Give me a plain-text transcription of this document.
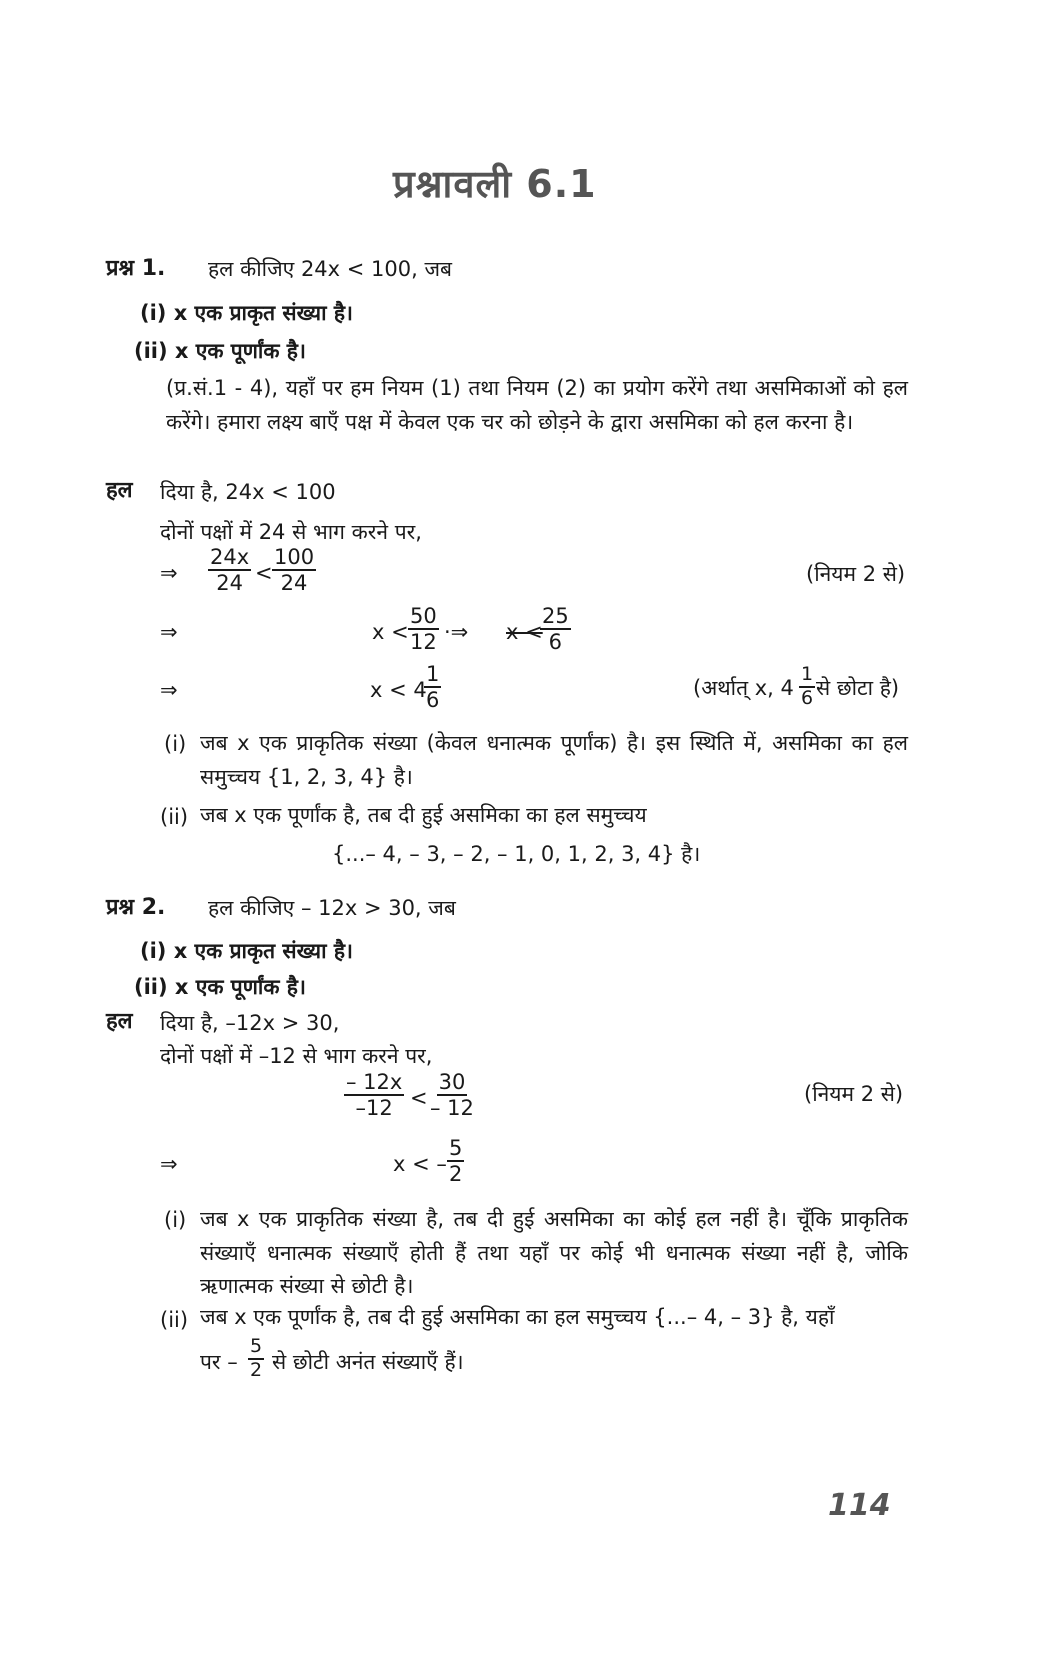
प्रश्नावली 6.1
प्रश्न 1. हल कीजिए 24x < 100, जब
(i) x एक प्राकृत संख्या है।
(ii) x एक पूर्णांक है।
(प्र.सं.1 - 4), यहाँ पर हम नियम (1) तथा नियम (2) का प्रयोग करेंगे तथा असमिकाओं को हल करेंगे। हमारा लक्ष्य बाएँ पक्ष में केवल एक चर को छोड़ने के द्वारा असमिका को हल करना है।
हल दिया है, 24x < 100
दोनों पक्षों में 24 से भाग करने पर,
⇒ $\frac{24x}{24} < \frac{100}{24}$	(नियम 2 से)
⇒	$x < \frac{50}{12}$ ·⇒ x <
$\frac{25}{6}$
⇒	x < 4
$\frac{1}{6}$	(अर्थात् x, $4 \frac{1}{6}$ से छोटा है)
(i) जब x एक प्राकृतिक संख्या (केवल धनात्मक पूर्णांक) है। इस स्थिति में, असमिका का हल समुच्चय {1, 2, 3, 4} है।
(ii) जब x एक पूर्णांक है, तब दी हुई असमिका का हल समुच्चय
{...– 4, – 3, – 2, – 1, 0, 1, 2, 3, 4} है।
प्रश्न 2. हल कीजिए – 12x > 30, जब
(i) x एक प्राकृत संख्या है।
(ii) x एक पूर्णांक है।
हल दिया है, –12x > 30,
दोनों पक्षों में –12 से भाग करने पर,
$\frac{- 12x}{-12} < \frac{30}{- 12}$	(नियम 2 से)
⇒	x < – $\frac{5}{2}$
(i) जब x एक प्राकृतिक संख्या है, तब दी हुई असमिका का कोई हल नहीं है। चूँकि प्राकृतिक संख्याएँ धनात्मक संख्याएँ होती हैं तथा यहाँ पर कोई भी धनात्मक संख्या नहीं है, जोकि ऋणात्मक संख्या से छोटी है।
(ii) जब x एक पूर्णांक है, तब दी हुई असमिका का हल समुच्चय {...– 4, – 3} है, यहाँ
पर – $\frac{5}{2}$ से छोटी अनंत संख्याएँ हैं।
114
